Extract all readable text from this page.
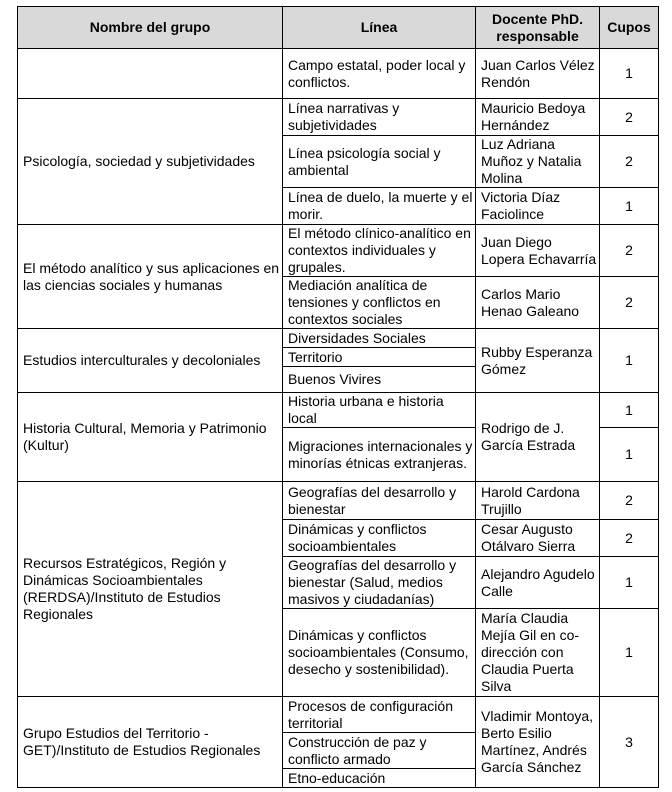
Nombre del grupo	Línea	Docente PhD. responsable	Cupos
	Campo estatal, poder local y conflictos.	Juan Carlos Vélez Rendón	1
Psicología, sociedad y subjetividades	Línea narrativas y subjetividades	Mauricio Bedoya Hernández	2
	Línea psicología social y ambiental	Luz Adriana Muñoz y Natalia Molina	2
	Línea de duelo, la muerte y el morir.	Victoria Díaz Faciolince	1
El método analítico y sus aplicaciones en las ciencias sociales y humanas	El método clínico-analítico en contextos individuales y grupales.	Juan Diego Lopera Echavarría	2
	Mediación analítica de tensiones y conflictos en contextos sociales	Carlos Mario Henao Galeano	2
Estudios interculturales y decoloniales	Diversidades Sociales	Rubby Esperanza Gómez	1
	Territorio		
	Buenos Vivires		
Historia Cultural, Memoria y Patrimonio (Kultur)	Historia urbana e historia local	Rodrigo de J. García Estrada	1
	Migraciones internacionales y minorías étnicas extranjeras.		1
Recursos Estratégicos, Región y Dinámicas Socioambientales (RERDSA)/Instituto de Estudios Regionales	Geografías del desarrollo y bienestar	Harold Cardona Trujillo	2
	Dinámicas y conflictos socioambientales	Cesar Augusto Otálvaro Sierra	2
	Geografías del desarrollo y bienestar (Salud, medios masivos y ciudadanías)	Alejandro Agudelo Calle	1
	Dinámicas y conflictos socioambientales (Consumo, desecho y sostenibilidad).	María Claudia Mejía Gil en co-dirección con Claudia Puerta Silva	1
Grupo Estudios del Territorio - GET)/Instituto de Estudios Regionales	Procesos de configuración territorial	Vladimir Montoya, Berto Esilio Martínez, Andrés García Sánchez	3
	Construcción de paz y conflicto armado		
	Etno-educación		
